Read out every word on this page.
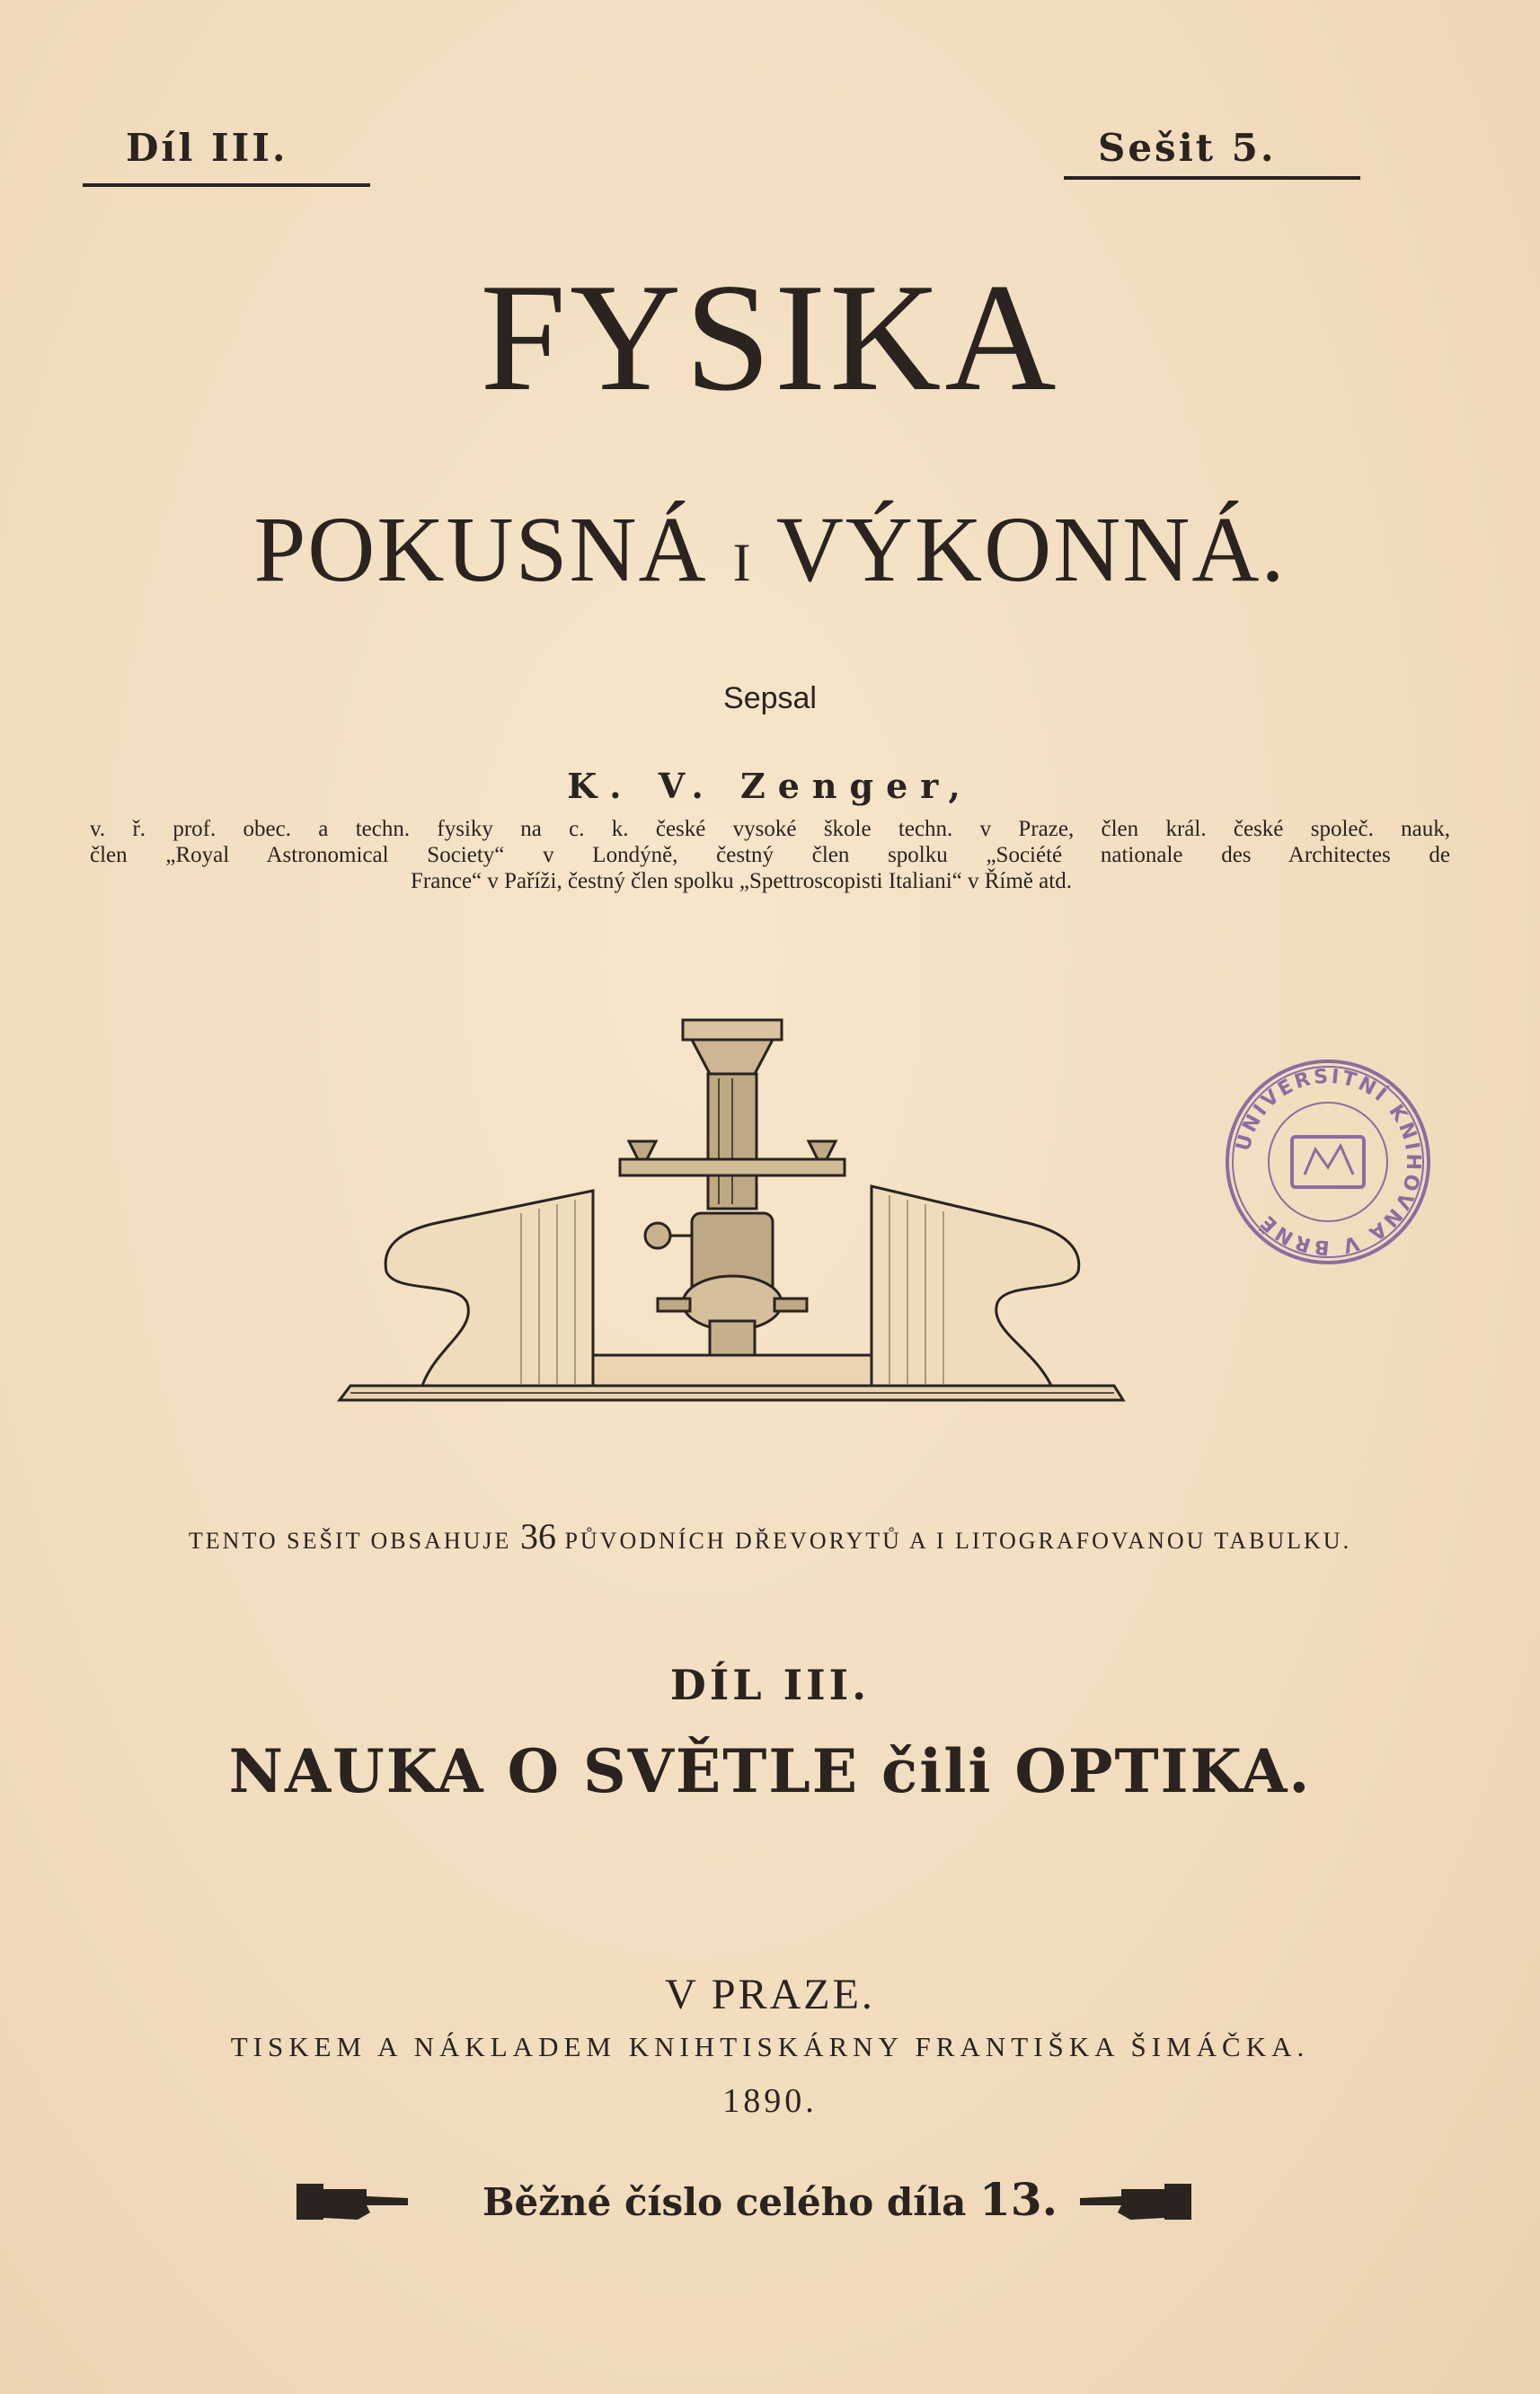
Díl III.	Sešit 5.
FYSIKA
POKUSNÁ I VÝKONNÁ.
Sepsal
K. V. Zenger,
v. ř. prof. obec. a techn. fysiky na c. k. české vysoké škole techn. v Praze, člen král. české společ. nauk,
člen „Royal Astronomical Society“ v Londýně, čestný člen spolku „Société nationale des Architectes de
France“ v Paříži, čestný člen spolku „Spettroscopisti Italiani“ v Římě atd.
UNIVERSITNÍ KNIHOVNA V BRNĚ
TENTO SEŠIT OBSAHUJE 36 PŮVODNÍCH DŘEVORYTŮ A I LITOGRAFOVANOU TABULKU.
DÍL III.
NAUKA O SVĚTLE čili OPTIKA.
V PRAZE.
TISKEM A NÁKLADEM KNIHTISKÁRNY FRANTIŠKA ŠIMÁČKA.
1890.
Běžné číslo celého díla 13.
